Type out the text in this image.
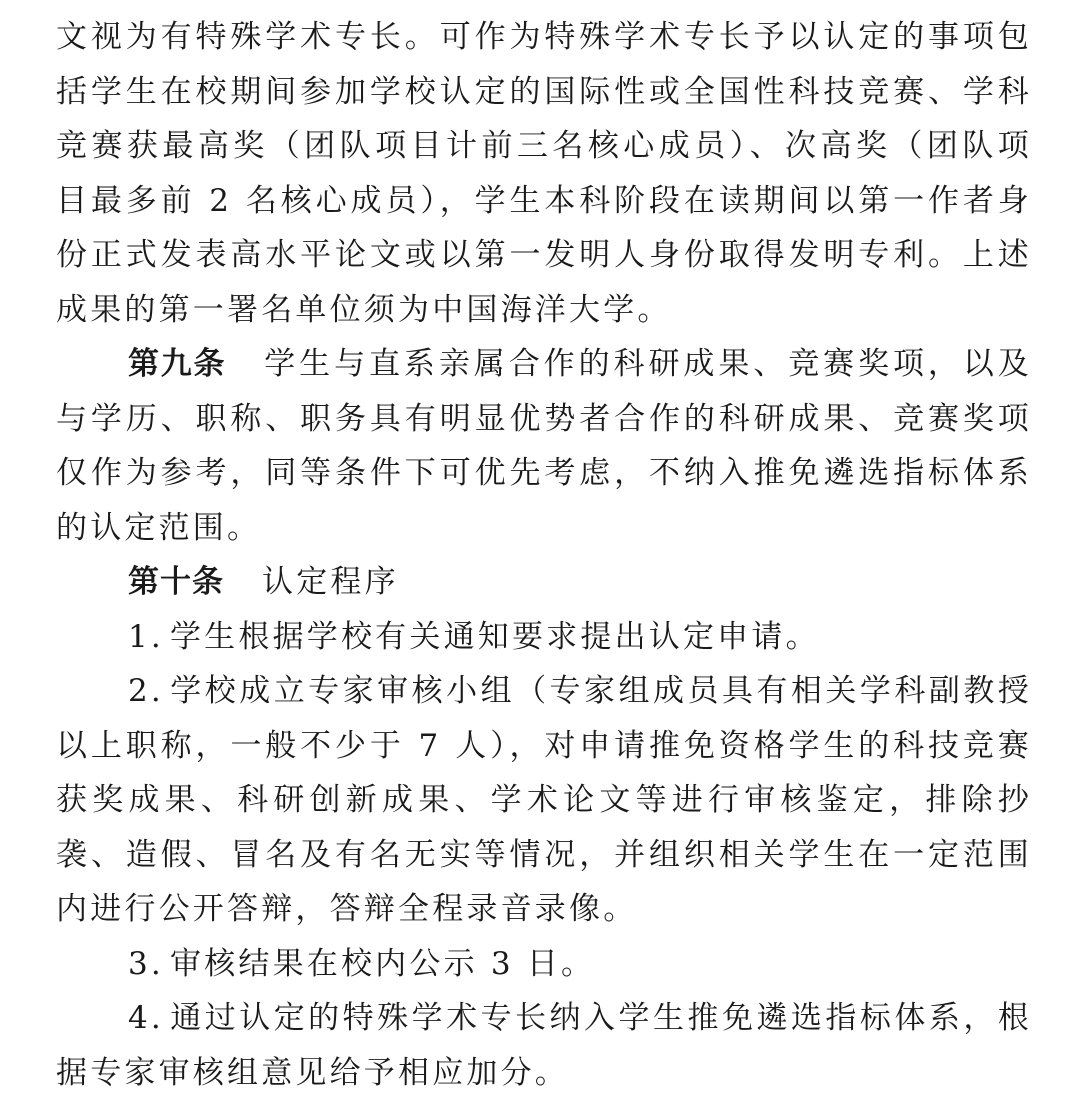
文视为有特殊学术专长。可作为特殊学术专长予以认定的事项包括学生在校期间参加学校认定的国际性或全国性科技竞赛、学科竞赛获最高奖（团队项目计前三名核心成员）、次高奖（团队项目最多前 2 名核心成员），学生本科阶段在读期间以第一作者身份正式发表高水平论文或以第一发明人身份取得发明专利。上述成果的第一署名单位须为中国海洋大学。

第九条 学生与直系亲属合作的科研成果、竞赛奖项，以及与学历、职称、职务具有明显优势者合作的科研成果、竞赛奖项仅作为参考，同等条件下可优先考虑，不纳入推免遴选指标体系的认定范围。

第十条 认定程序

1. 学生根据学校有关通知要求提出认定申请。

2. 学校成立专家审核小组（专家组成员具有相关学科副教授以上职称，一般不少于 7 人），对申请推免资格学生的科技竞赛获奖成果、科研创新成果、学术论文等进行审核鉴定，排除抄袭、造假、冒名及有名无实等情况，并组织相关学生在一定范围内进行公开答辩，答辩全程录音录像。

3. 审核结果在校内公示 3 日。

4. 通过认定的特殊学术专长纳入学生推免遴选指标体系，根据专家审核组意见给予相应加分。
